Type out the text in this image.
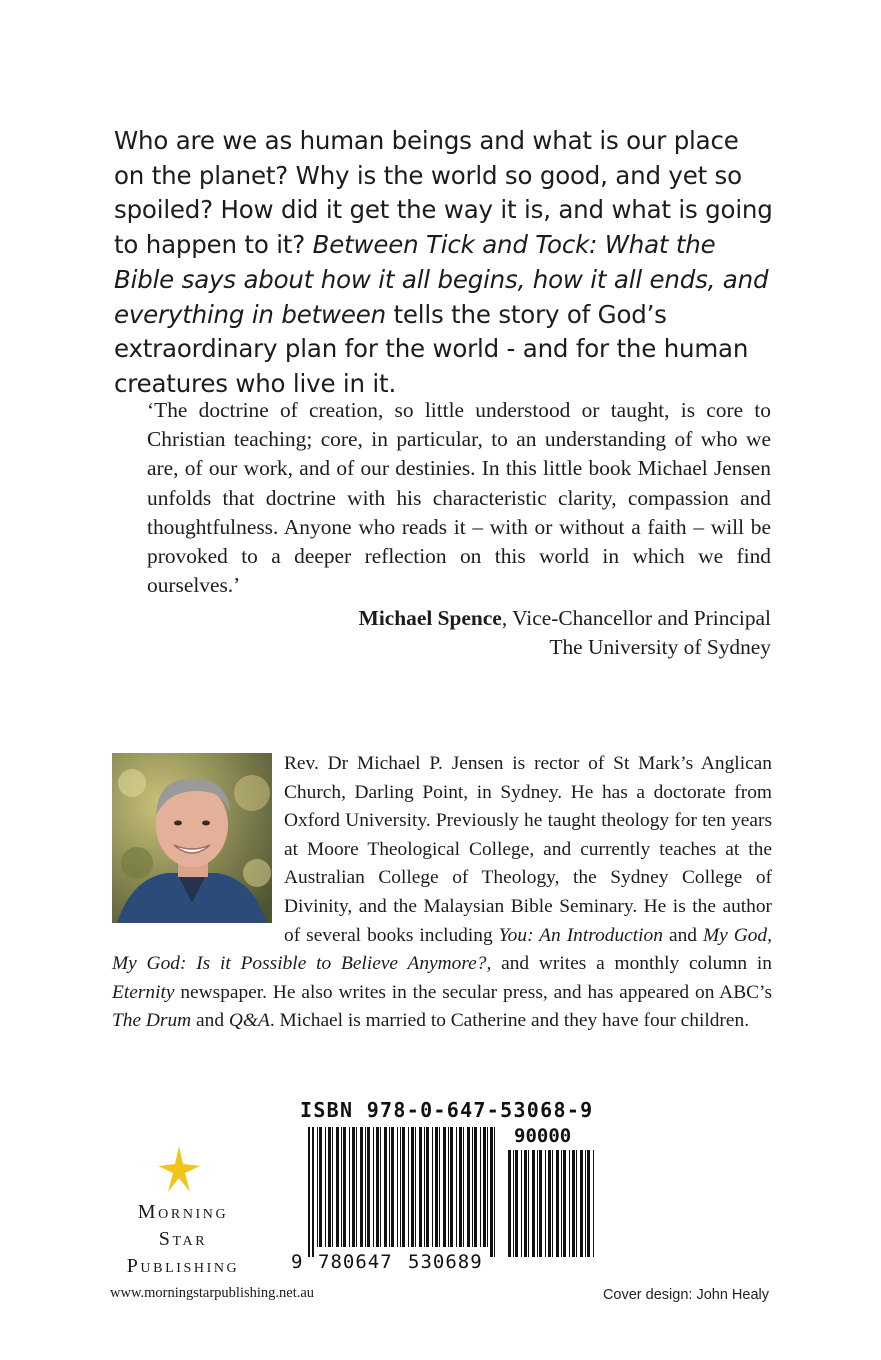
Who are we as human beings and what is our place on the planet? Why is the world so good, and yet so spoiled? How did it get the way it is, and what is going to happen to it? Between Tick and Tock: What the Bible says about how it all begins, how it all ends, and everything in between tells the story of God’s extraordinary plan for the world - and for the human creatures who live in it.
‘The doctrine of creation, so little understood or taught, is core to Christian teaching; core, in particular, to an understanding of who we are, of our work, and of our destinies. In this little book Michael Jensen unfolds that doctrine with his characteristic clarity, compassion and thoughtfulness. Anyone who reads it – with or without a faith – will be provoked to a deeper reflection on this world in which we find ourselves.’
Michael Spence, Vice-Chancellor and Principal
The University of Sydney
Rev. Dr Michael P. Jensen is rector of St Mark’s Anglican Church, Darling Point, in Sydney. He has a doctorate from Oxford University. Previously he taught theology for ten years at Moore Theological College, and currently teaches at the Australian College of Theology, the Sydney College of Divinity, and the Malaysian Bible Seminary. He is the author of several books including You: An Introduction and My God, My God: Is it Possible to Believe Anymore?, and writes a monthly column in Eternity newspaper. He also writes in the secular press, and has appeared on ABC’s The Drum and Q&A. Michael is married to Catherine and they have four children.
Morning
Star
Publishing
www.morningstarpublishing.net.au
ISBN 978-0-647-53068-9
90000
9 780647 530689
Cover design: John Healy
